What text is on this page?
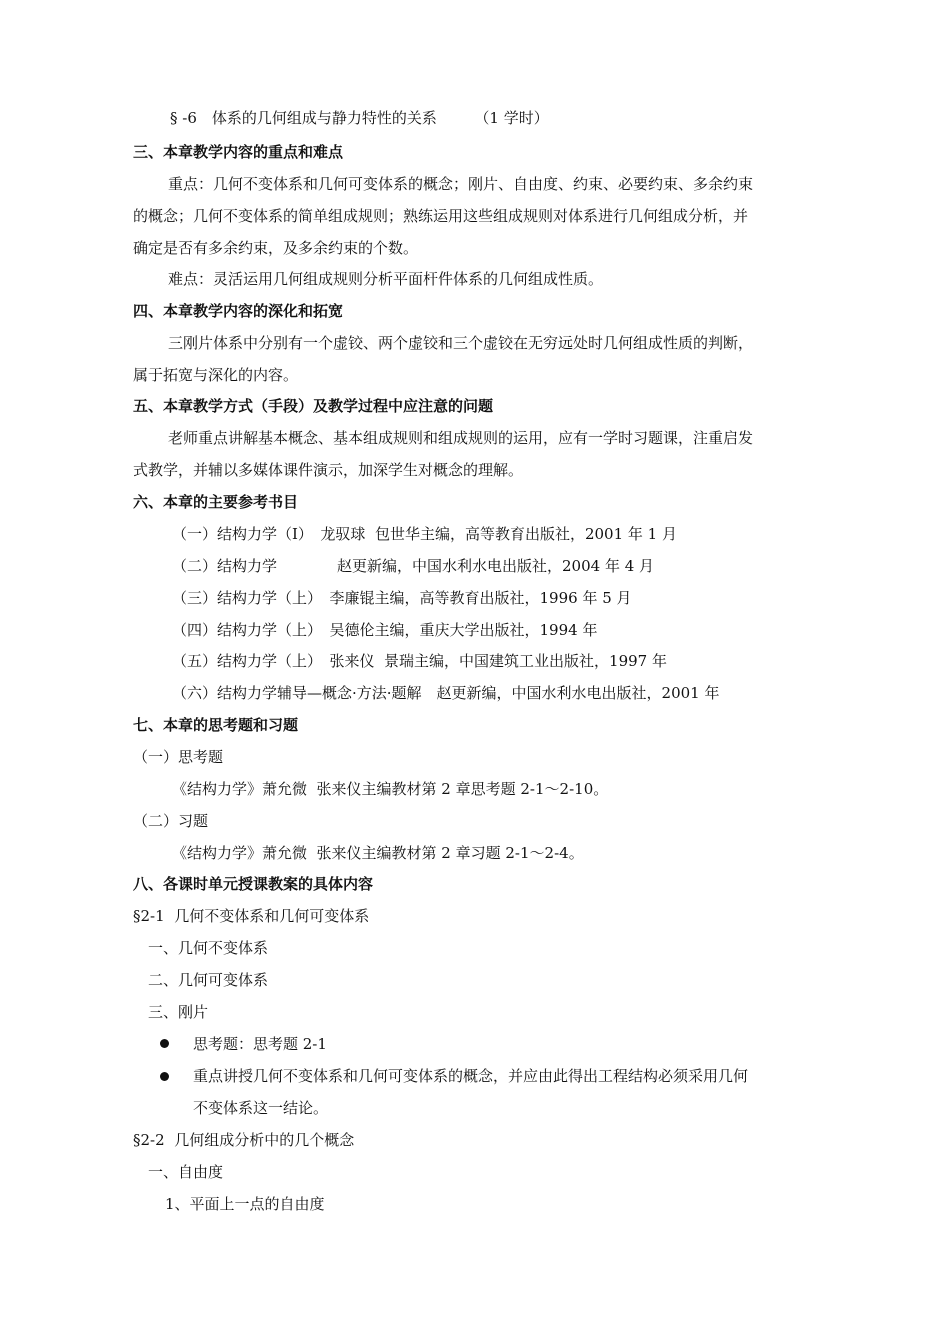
§ -6　体系的几何组成与静力特性的关系　　　（1 学时）
三、本章教学内容的重点和难点
重点：几何不变体系和几何可变体系的概念；刚片、自由度、约束、必要约束、多余约束
的概念；几何不变体系的简单组成规则；熟练运用这些组成规则对体系进行几何组成分析，并
确定是否有多余约束，及多余约束的个数。
难点：灵活运用几何组成规则分析平面杆件体系的几何组成性质。
四、本章教学内容的深化和拓宽
三刚片体系中分别有一个虚铰、两个虚铰和三个虚铰在无穷远处时几何组成性质的判断，
属于拓宽与深化的内容。
五、本章教学方式（手段）及教学过程中应注意的问题
老师重点讲解基本概念、基本组成规则和组成规则的运用，应有一学时习题课，注重启发
式教学，并辅以多媒体课件演示，加深学生对概念的理解。
六、本章的主要参考书目
（一）结构力学（Ⅰ）　龙驭球  包世华主编，高等教育出版社，2001 年 1 月
（二）结构力学　　　　赵更新编，中国水利水电出版社，2004 年 4 月
（三）结构力学（上）　李廉锟主编，高等教育出版社，1996 年 5 月
（四）结构力学（上）　吴德伦主编，重庆大学出版社，1994 年
（五）结构力学（上）　张来仪  景瑞主编，中国建筑工业出版社，1997 年
（六）结构力学辅导—概念·方法·题解　赵更新编，中国水利水电出版社，2001 年
七、本章的思考题和习题
（一）思考题
《结构力学》萧允微  张来仪主编教材第 2 章思考题 2-1～2-10。
（二）习题
《结构力学》萧允微  张来仪主编教材第 2 章习题 2-1～2-4。
八、各课时单元授课教案的具体内容
§2-1  几何不变体系和几何可变体系
一、几何不变体系
二、几何可变体系
三、刚片
思考题：思考题 2-1
重点讲授几何不变体系和几何可变体系的概念，并应由此得出工程结构必须采用几何
不变体系这一结论。
§2-2  几何组成分析中的几个概念
一、自由度
1、平面上一点的自由度
